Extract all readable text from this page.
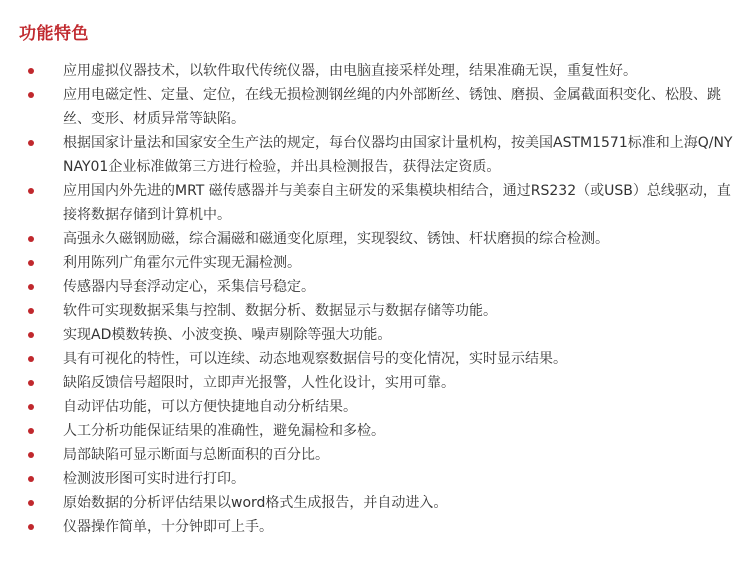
功能特色
应用虚拟仪器技术，以软件取代传统仪器，由电脑直接采样处理，结果准确无误，重复性好。
应用电磁定性、定量、定位，在线无损检测钢丝绳的内外部断丝、锈蚀、磨损、金属截面积变化、松股、跳丝、变形、材质异常等缺陷。
根据国家计量法和国家安全生产法的规定，每台仪器均由国家计量机构，按美国ASTM1571标准和上海Q/NYNAY01企业标准做第三方进行检验，并出具检测报告，获得法定资质。
应用国内外先进的MRT 磁传感器并与美泰自主研发的采集模块相结合，通过RS232（或USB）总线驱动，直接将数据存储到计算机中。
高强永久磁钢励磁，综合漏磁和磁通变化原理，实现裂纹、锈蚀、杆状磨损的综合检测。
利用陈列广角霍尔元件实现无漏检测。
传感器内导套浮动定心，采集信号稳定。
软件可实现数据采集与控制、数据分析、数据显示与数据存储等功能。
实现AD模数转换、小波变换、噪声剔除等强大功能。
具有可视化的特性，可以连续、动态地观察数据信号的变化情况，实时显示结果。
缺陷反馈信号超限时，立即声光报警，人性化设计，实用可靠。
自动评估功能，可以方便快捷地自动分析结果。
人工分析功能保证结果的准确性，避免漏检和多检。
局部缺陷可显示断面与总断面积的百分比。
检测波形图可实时进行打印。
原始数据的分析评估结果以word格式生成报告，并自动进入。
仪器操作简单，十分钟即可上手。
